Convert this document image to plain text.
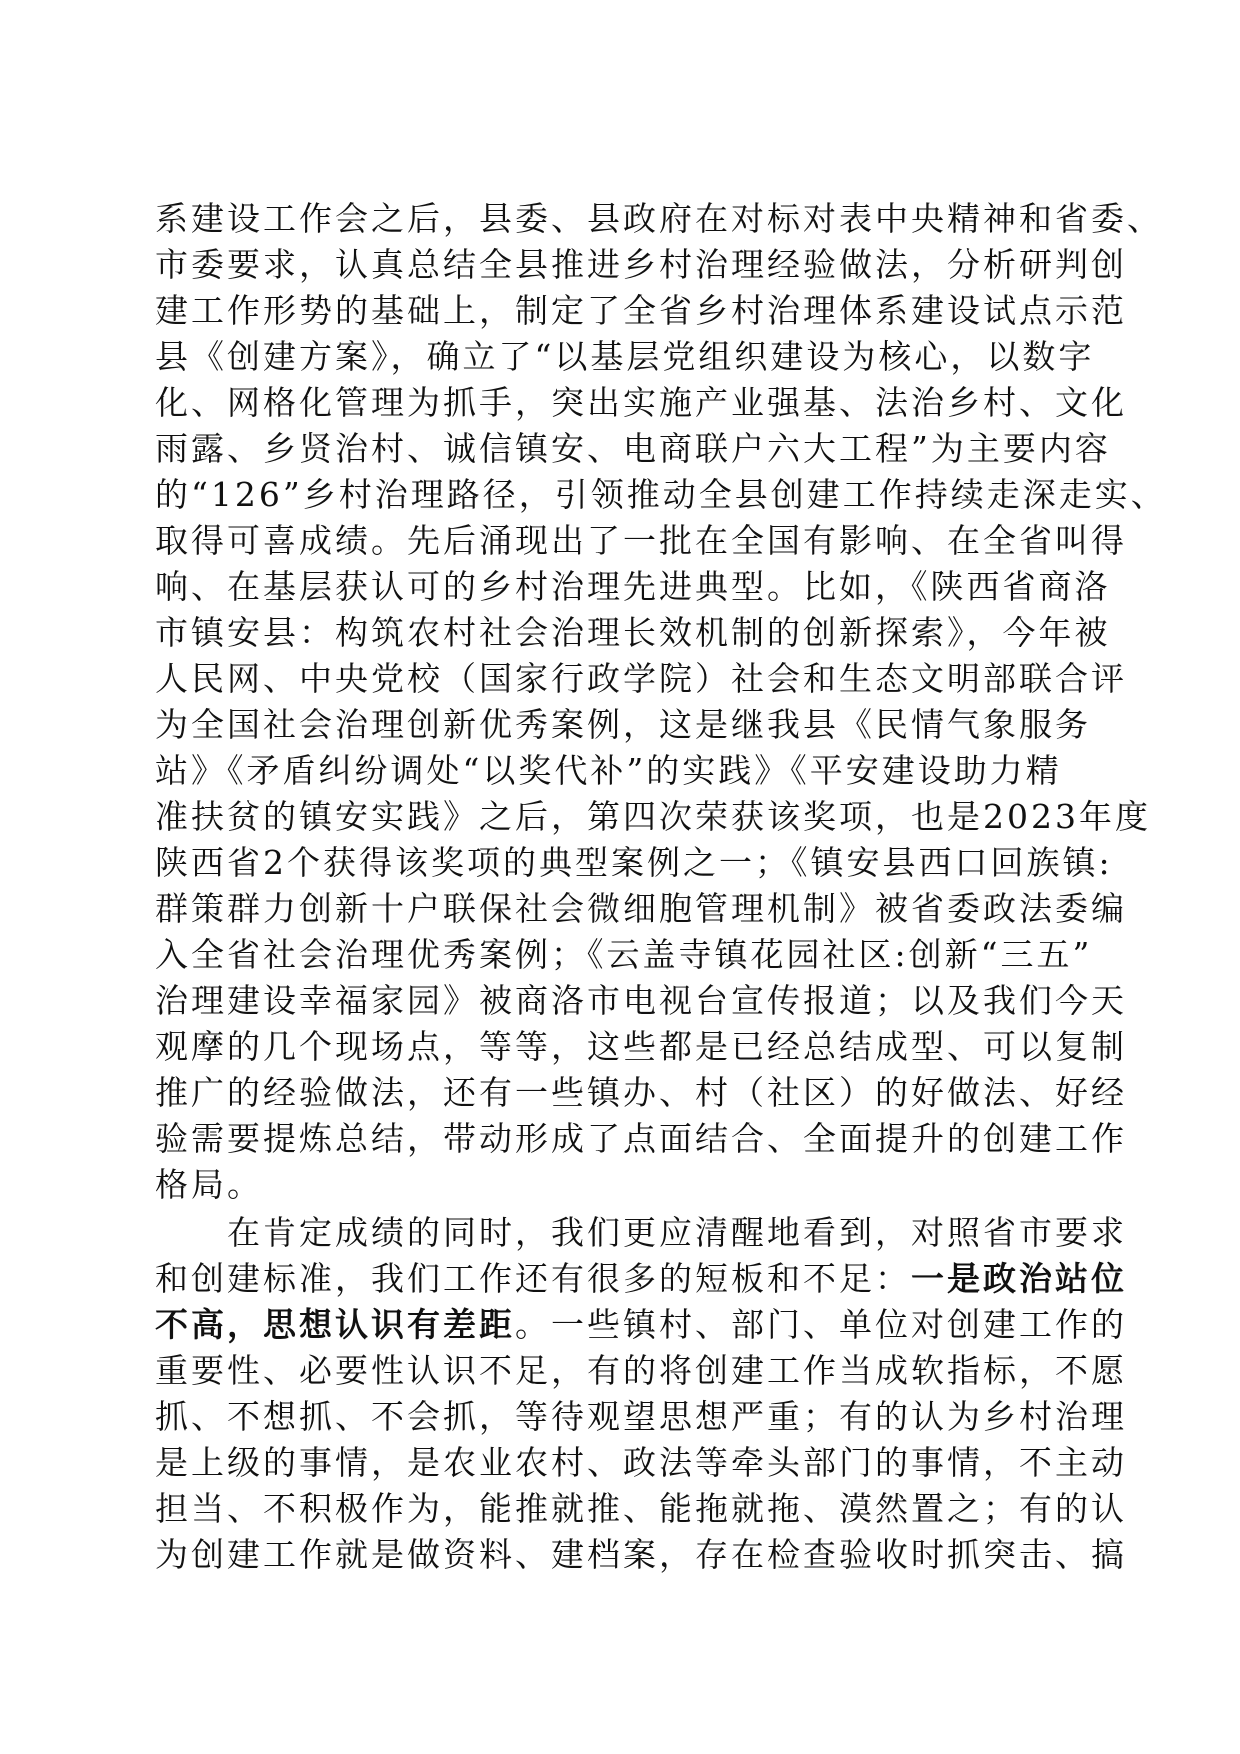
系建设工作会之后，县委、县政府在对标对表中央精神和省委、
市委要求，认真总结全县推进乡村治理经验做法，分析研判创
建工作形势的基础上，制定了全省乡村治理体系建设试点示范
县《创建方案》，确立了“以基层党组织建设为核心，以数字
化、网格化管理为抓手，突出实施产业强基、法治乡村、文化
雨露、乡贤治村、诚信镇安、电商联户六大工程”为主要内容
的“126”乡村治理路径，引领推动全县创建工作持续走深走实、
取得可喜成绩。先后涌现出了一批在全国有影响、在全省叫得
响、在基层获认可的乡村治理先进典型。比如，《陕西省商洛
市镇安县：构筑农村社会治理长效机制的创新探索》，今年被
人民网、中央党校（国家行政学院）社会和生态文明部联合评
为全国社会治理创新优秀案例，这是继我县《民情气象服务
站》《矛盾纠纷调处“以奖代补”的实践》《平安建设助力精
准扶贫的镇安实践》之后，第四次荣获该奖项，也是2023年度
陕西省2个获得该奖项的典型案例之一；《镇安县西口回族镇:
群策群力创新十户联保社会微细胞管理机制》被省委政法委编
入全省社会治理优秀案例；《云盖寺镇花园社区:创新“三五”
治理建设幸福家园》被商洛市电视台宣传报道；以及我们今天
观摩的几个现场点，等等，这些都是已经总结成型、可以复制
推广的经验做法，还有一些镇办、村（社区）的好做法、好经
验需要提炼总结，带动形成了点面结合、全面提升的创建工作
格局。
在肯定成绩的同时，我们更应清醒地看到，对照省市要求
和创建标准，我们工作还有很多的短板和不足：一是政治站位
不高，思想认识有差距。一些镇村、部门、单位对创建工作的
重要性、必要性认识不足，有的将创建工作当成软指标，不愿
抓、不想抓、不会抓，等待观望思想严重；有的认为乡村治理
是上级的事情，是农业农村、政法等牵头部门的事情，不主动
担当、不积极作为，能推就推、能拖就拖、漠然置之；有的认
为创建工作就是做资料、建档案，存在检查验收时抓突击、搞
